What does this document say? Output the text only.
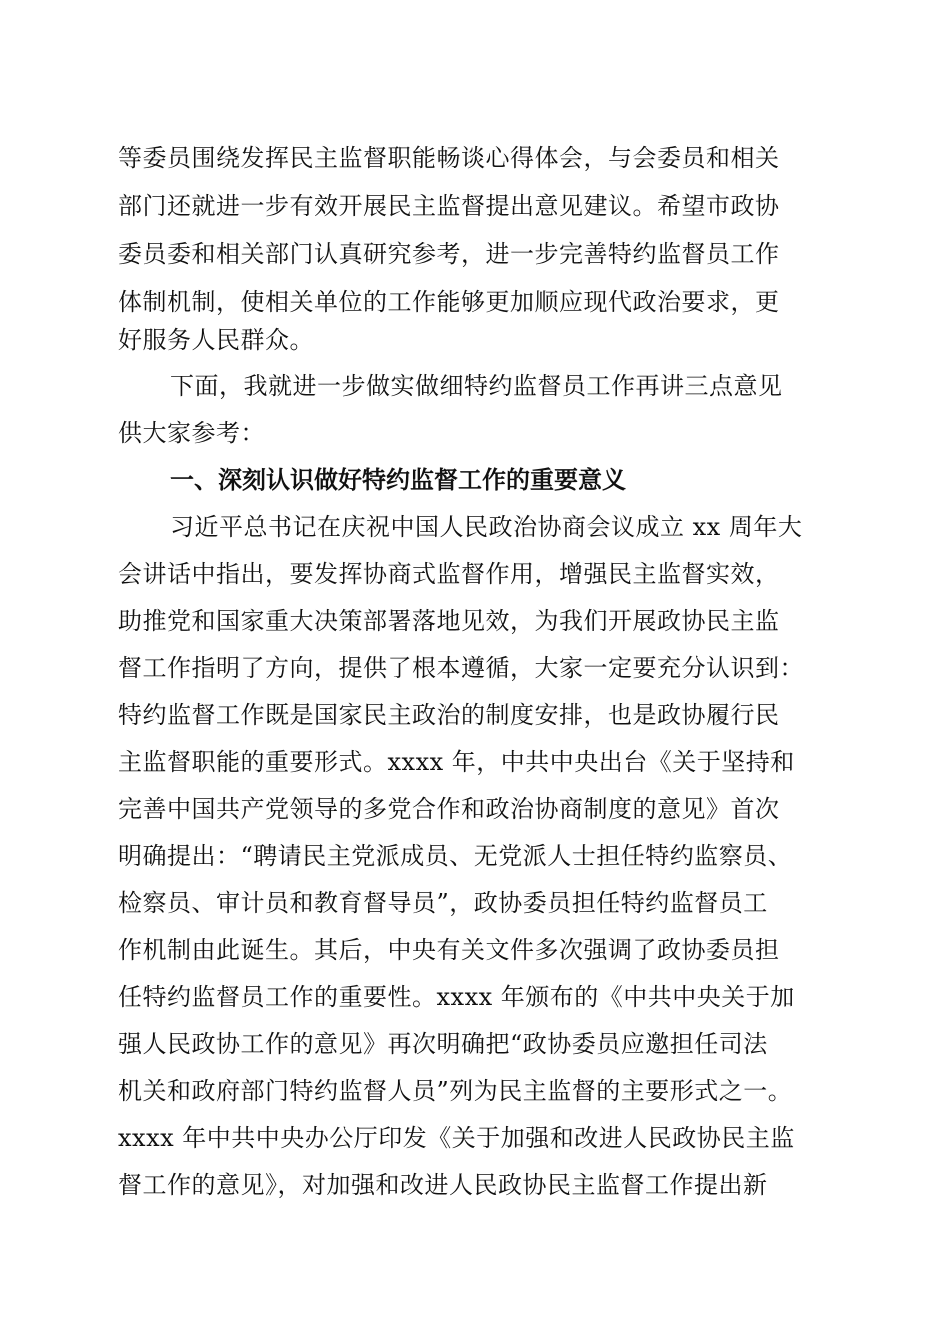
等委员围绕发挥民主监督职能畅谈心得体会，与会委员和相关
部门还就进一步有效开展民主监督提出意见建议。希望市政协
委员委和相关部门认真研究参考，进一步完善特约监督员工作
体制机制，使相关单位的工作能够更加顺应现代政治要求，更
好服务人民群众。
下面，我就进一步做实做细特约监督员工作再讲三点意见
供大家参考：
一、深刻认识做好特约监督工作的重要意义
习近平总书记在庆祝中国人民政治协商会议成立 xx 周年大
会讲话中指出，要发挥协商式监督作用，增强民主监督实效，
助推党和国家重大决策部署落地见效，为我们开展政协民主监
督工作指明了方向，提供了根本遵循，大家一定要充分认识到：
特约监督工作既是国家民主政治的制度安排，也是政协履行民
主监督职能的重要形式。xxxx 年，中共中央出台《关于坚持和
完善中国共产党领导的多党合作和政治协商制度的意见》首次
明确提出：“聘请民主党派成员、无党派人士担任特约监察员、
检察员、审计员和教育督导员”，政协委员担任特约监督员工
作机制由此诞生。其后，中央有关文件多次强调了政协委员担
任特约监督员工作的重要性。xxxx 年颁布的《中共中央关于加
强人民政协工作的意见》再次明确把“政协委员应邀担任司法
机关和政府部门特约监督人员”列为民主监督的主要形式之一。
xxxx 年中共中央办公厅印发《关于加强和改进人民政协民主监
督工作的意见》，对加强和改进人民政协民主监督工作提出新
